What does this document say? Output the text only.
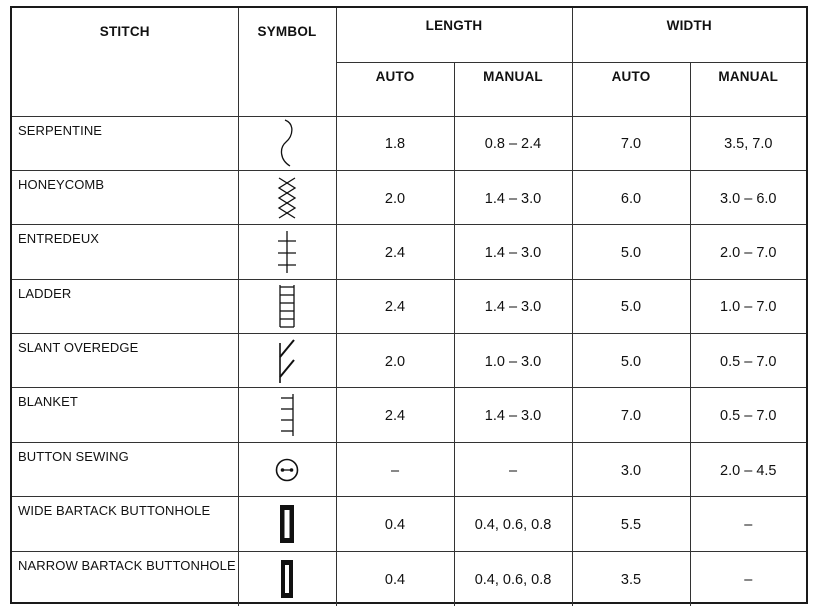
STITCH	SYMBOL	LENGTH		WIDTH	
		AUTO	MANUAL	AUTO	MANUAL
SERPENTINE		1.8	0.8 – 2.4	7.0	3.5, 7.0
HONEYCOMB		2.0	1.4 – 3.0	6.0	3.0 – 6.0
ENTREDEUX		2.4	1.4 – 3.0	5.0	2.0 – 7.0
LADDER		2.4	1.4 – 3.0	5.0	1.0 – 7.0
SLANT OVEREDGE		2.0	1.0 – 3.0	5.0	0.5 – 7.0
BLANKET		2.4	1.4 – 3.0	7.0	0.5 – 7.0
BUTTON SEWING		–	–	3.0	2.0 – 4.5
WIDE BARTACK BUTTONHOLE		0.4	0.4, 0.6, 0.8	5.5	–
NARROW BARTACK BUTTONHOLE		0.4	0.4, 0.6, 0.8	3.5	–
